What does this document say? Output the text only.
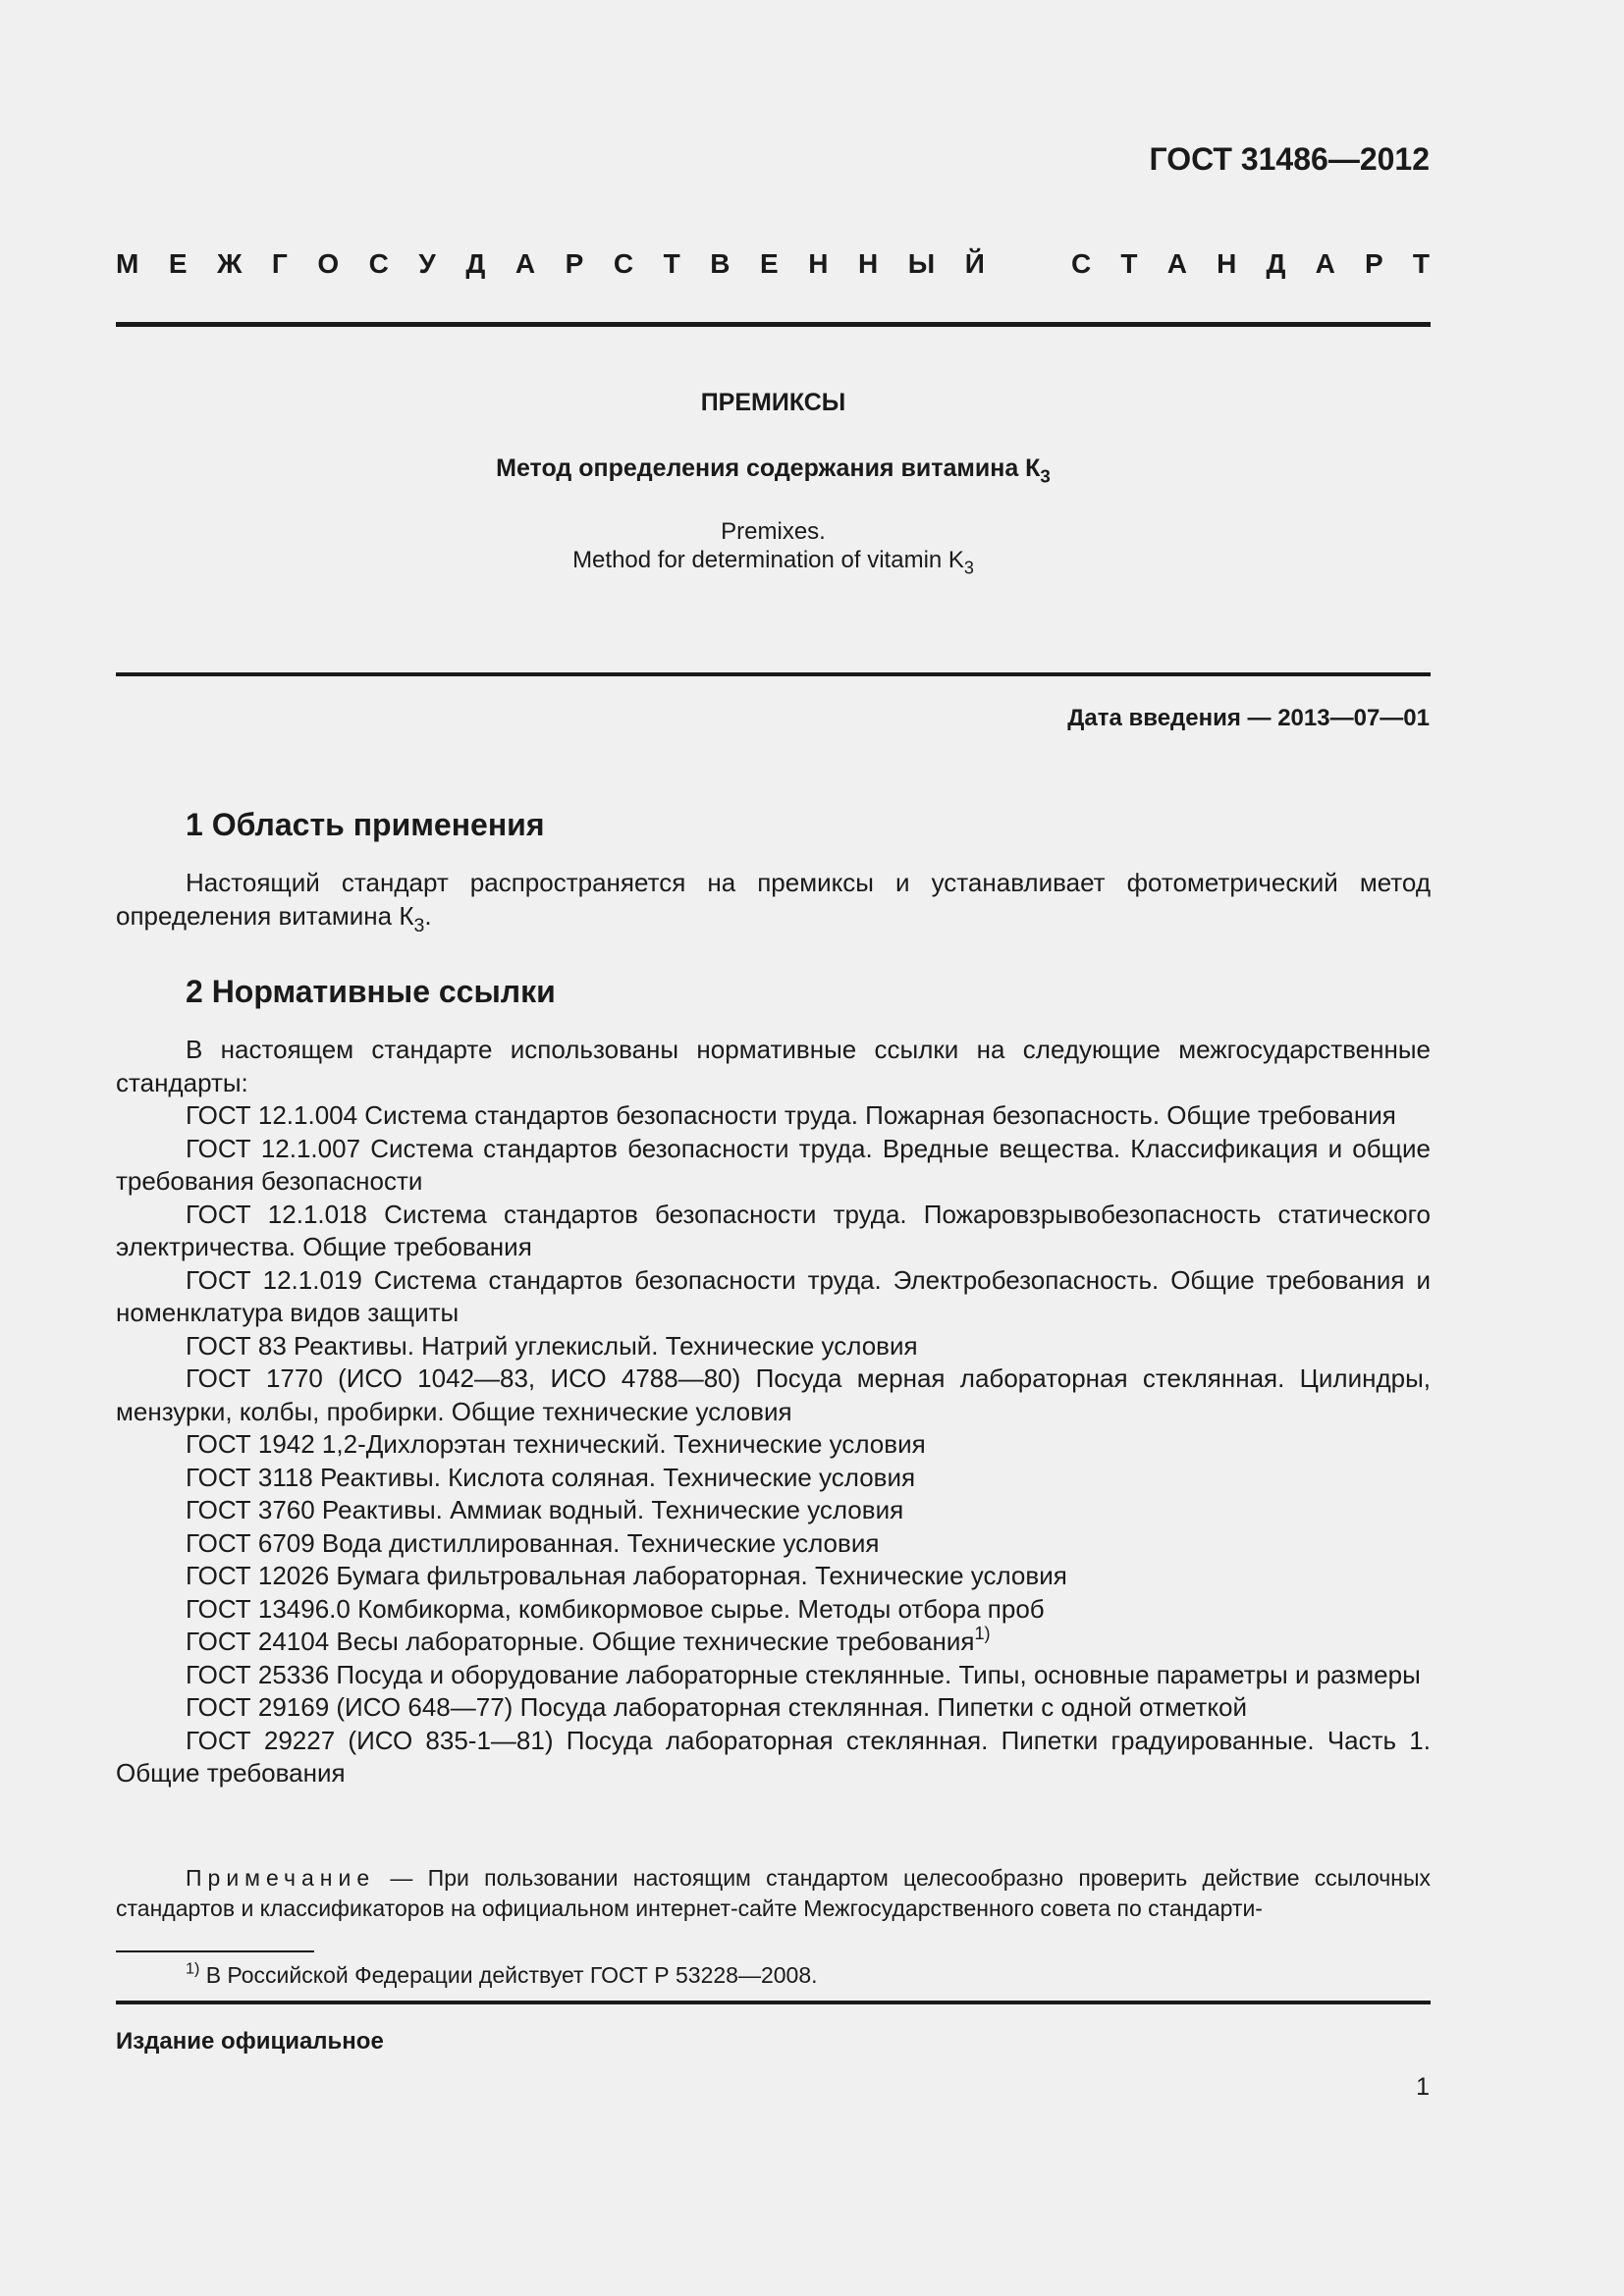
ГОСТ 31486—2012
М Е Ж Г О С У Д А Р С Т В Е Н Н Ы Й	С Т А Н Д А Р Т
ПРЕМИКСЫ
Метод определения содержания витамина $К_3$
Premixes.
Method for determination of vitamin $K_3$
Дата введения — 2013—07—01
1 Область применения

Настоящий стандарт распространяется на премиксы и устанавливает фотометрический метод определения витамина $К_3$.

2 Нормативные ссылки

В настоящем стандарте использованы нормативные ссылки на следующие межгосударственные стандарты:

ГОСТ 12.1.004 Система стандартов безопасности труда. Пожарная безопасность. Общие требования

ГОСТ 12.1.007 Система стандартов безопасности труда. Вредные вещества. Классификация и общие требования безопасности

ГОСТ 12.1.018 Система стандартов безопасности труда. Пожаровзрывобезопасность статического электричества. Общие требования

ГОСТ 12.1.019 Система стандартов безопасности труда. Электробезопасность. Общие требования и номенклатура видов защиты

ГОСТ 83 Реактивы. Натрий углекислый. Технические условия

ГОСТ 1770 (ИСО 1042—83, ИСО 4788—80) Посуда мерная лабораторная стеклянная. Цилиндры, мензурки, колбы, пробирки. Общие технические условия

ГОСТ 1942 1,2-Дихлорэтан технический. Технические условия

ГОСТ 3118 Реактивы. Кислота соляная. Технические условия

ГОСТ 3760 Реактивы. Аммиак водный. Технические условия

ГОСТ 6709 Вода дистиллированная. Технические условия

ГОСТ 12026 Бумага фильтровальная лабораторная. Технические условия

ГОСТ 13496.0 Комбикорма, комбикормовое сырье. Методы отбора проб

ГОСТ 24104 Весы лабораторные. Общие технические требования$^{1)}$

ГОСТ 25336 Посуда и оборудование лабораторные стеклянные. Типы, основные параметры и размеры

ГОСТ 29169 (ИСО 648—77) Посуда лабораторная стеклянная. Пипетки с одной отметкой

ГОСТ 29227 (ИСО 835-1—81) Посуда лабораторная стеклянная. Пипетки градуированные. Часть 1. Общие требования

Примечание — При пользовании настоящим стандартом целесообразно проверить действие ссылочных стандартов и классификаторов на официальном интернет-сайте Межгосударственного совета по стандарти-
$^{1)}$ В Российской Федерации действует ГОСТ Р 53228—2008.
Издание официальное
1
